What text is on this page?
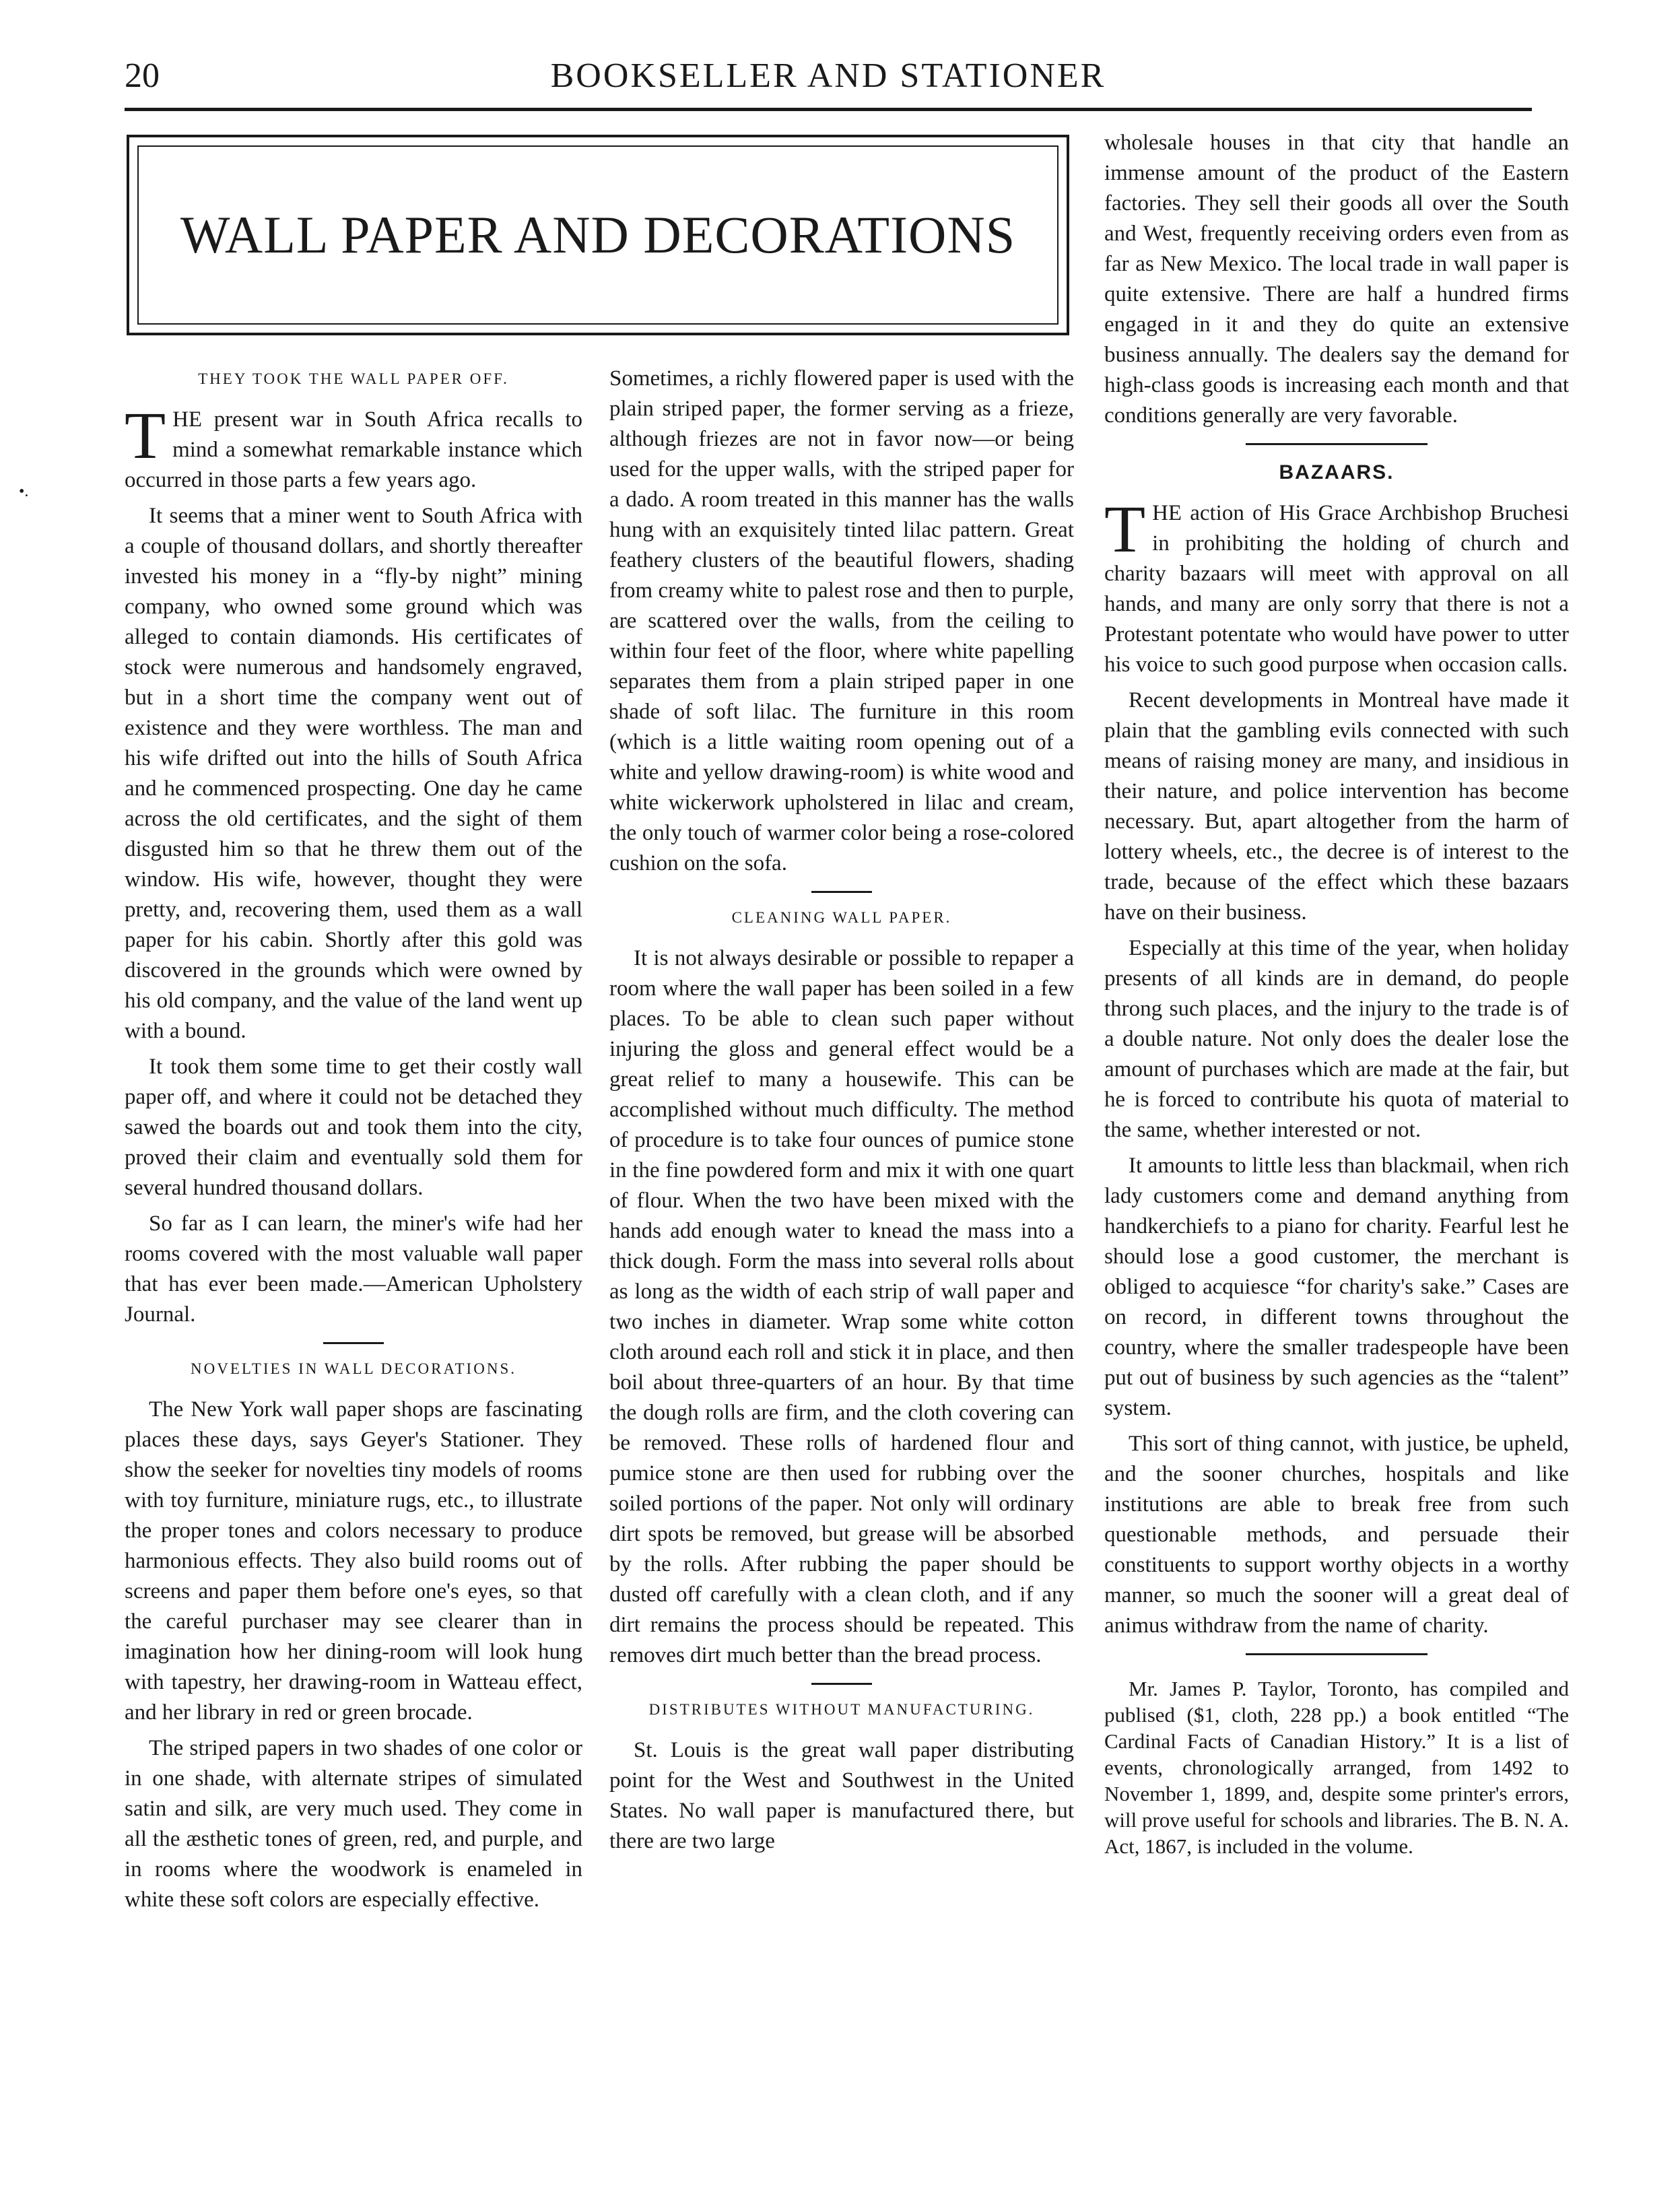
20	BOOKSELLER AND STATIONER
•.
WALL PAPER AND DECORATIONS
THEY TOOK THE WALL PAPER OFF.

THE present war in South Africa recalls to mind a somewhat remarkable instance which occurred in those parts a few years ago.

It seems that a miner went to South Africa with a couple of thousand dollars, and shortly thereafter invested his money in a “fly-by night” mining company, who owned some ground which was alleged to contain diamonds. His certificates of stock were numerous and handsomely engraved, but in a short time the company went out of existence and they were worthless. The man and his wife drifted out into the hills of South Africa and he commenced prospecting. One day he came across the old certificates, and the sight of them disgusted him so that he threw them out of the window. His wife, however, thought they were pretty, and, recovering them, used them as a wall paper for his cabin. Shortly after this gold was discovered in the grounds which were owned by his old company, and the value of the land went up with a bound.

It took them some time to get their costly wall paper off, and where it could not be detached they sawed the boards out and took them into the city, proved their claim and eventually sold them for several hundred thousand dollars.

So far as I can learn, the miner's wife had her rooms covered with the most valuable wall paper that has ever been made.—American Upholstery Journal.

NOVELTIES IN WALL DECORATIONS.

The New York wall paper shops are fascinating places these days, says Geyer's Stationer. They show the seeker for novelties tiny models of rooms with toy furniture, miniature rugs, etc., to illustrate the proper tones and colors necessary to produce harmonious effects. They also build rooms out of screens and paper them before one's eyes, so that the careful purchaser may see clearer than in imagination how her dining-room will look hung with tapestry, her drawing-room in Watteau effect, and her library in red or green brocade.

The striped papers in two shades of one color or in one shade, with alternate stripes of simulated satin and silk, are very much used. They come in all the æsthetic tones of green, red, and purple, and in rooms where the woodwork is enameled in white these soft colors are especially effective.

Sometimes, a richly flowered paper is used with the plain striped paper, the former serving as a frieze, although friezes are not in favor now—or being used for the upper walls, with the striped paper for a dado. A room treated in this manner has the walls hung with an exquisitely tinted lilac pattern. Great feathery clusters of the beautiful flowers, shading from creamy white to palest rose and then to purple, are scattered over the walls, from the ceiling to within four feet of the floor, where white papelling separates them from a plain striped paper in one shade of soft lilac. The furniture in this room (which is a little waiting room opening out of a white and yellow drawing-room) is white wood and white wickerwork upholstered in lilac and cream, the only touch of warmer color being a rose-colored cushion on the sofa.

CLEANING WALL PAPER.

It is not always desirable or possible to repaper a room where the wall paper has been soiled in a few places. To be able to clean such paper without injuring the gloss and general effect would be a great relief to many a housewife. This can be accomplished without much difficulty. The method of procedure is to take four ounces of pumice stone in the fine powdered form and mix it with one quart of flour. When the two have been mixed with the hands add enough water to knead the mass into a thick dough. Form the mass into several rolls about as long as the width of each strip of wall paper and two inches in diameter. Wrap some white cotton cloth around each roll and stick it in place, and then boil about three-quarters of an hour. By that time the dough rolls are firm, and the cloth covering can be removed. These rolls of hardened flour and pumice stone are then used for rubbing over the soiled portions of the paper. Not only will ordinary dirt spots be removed, but grease will be absorbed by the rolls. After rubbing the paper should be dusted off carefully with a clean cloth, and if any dirt remains the process should be repeated. This removes dirt much better than the bread process.

DISTRIBUTES WITHOUT MANUFACTURING.

St. Louis is the great wall paper distributing point for the West and Southwest in the United States. No wall paper is manufactured there, but there are two large

wholesale houses in that city that handle an immense amount of the product of the Eastern factories. They sell their goods all over the South and West, frequently receiving orders even from as far as New Mexico. The local trade in wall paper is quite extensive. There are half a hundred firms engaged in it and they do quite an extensive business annually. The dealers say the demand for high-class goods is increasing each month and that conditions generally are very favorable.

BAZAARS.

THE action of His Grace Archbishop Bruchesi in prohibiting the holding of church and charity bazaars will meet with approval on all hands, and many are only sorry that there is not a Protestant potentate who would have power to utter his voice to such good purpose when occasion calls.

Recent developments in Montreal have made it plain that the gambling evils connected with such means of raising money are many, and insidious in their nature, and police intervention has become necessary. But, apart altogether from the harm of lottery wheels, etc., the decree is of interest to the trade, because of the effect which these bazaars have on their business.

Especially at this time of the year, when holiday presents of all kinds are in demand, do people throng such places, and the injury to the trade is of a double nature. Not only does the dealer lose the amount of purchases which are made at the fair, but he is forced to contribute his quota of material to the same, whether interested or not.

It amounts to little less than blackmail, when rich lady customers come and demand anything from handkerchiefs to a piano for charity. Fearful lest he should lose a good customer, the merchant is obliged to acquiesce “for charity's sake.” Cases are on record, in different towns throughout the country, where the smaller tradespeople have been put out of business by such agencies as the “talent” system.

This sort of thing cannot, with justice, be upheld, and the sooner churches, hospitals and like institutions are able to break free from such questionable methods, and persuade their constituents to support worthy objects in a worthy manner, so much the sooner will a great deal of animus withdraw from the name of charity.

Mr. James P. Taylor, Toronto, has compiled and publised ($1, cloth, 228 pp.) a book entitled “The Cardinal Facts of Canadian History.” It is a list of events, chronologically arranged, from 1492 to November 1, 1899, and, despite some printer's errors, will prove useful for schools and libraries. The B. N. A. Act, 1867, is included in the volume.
